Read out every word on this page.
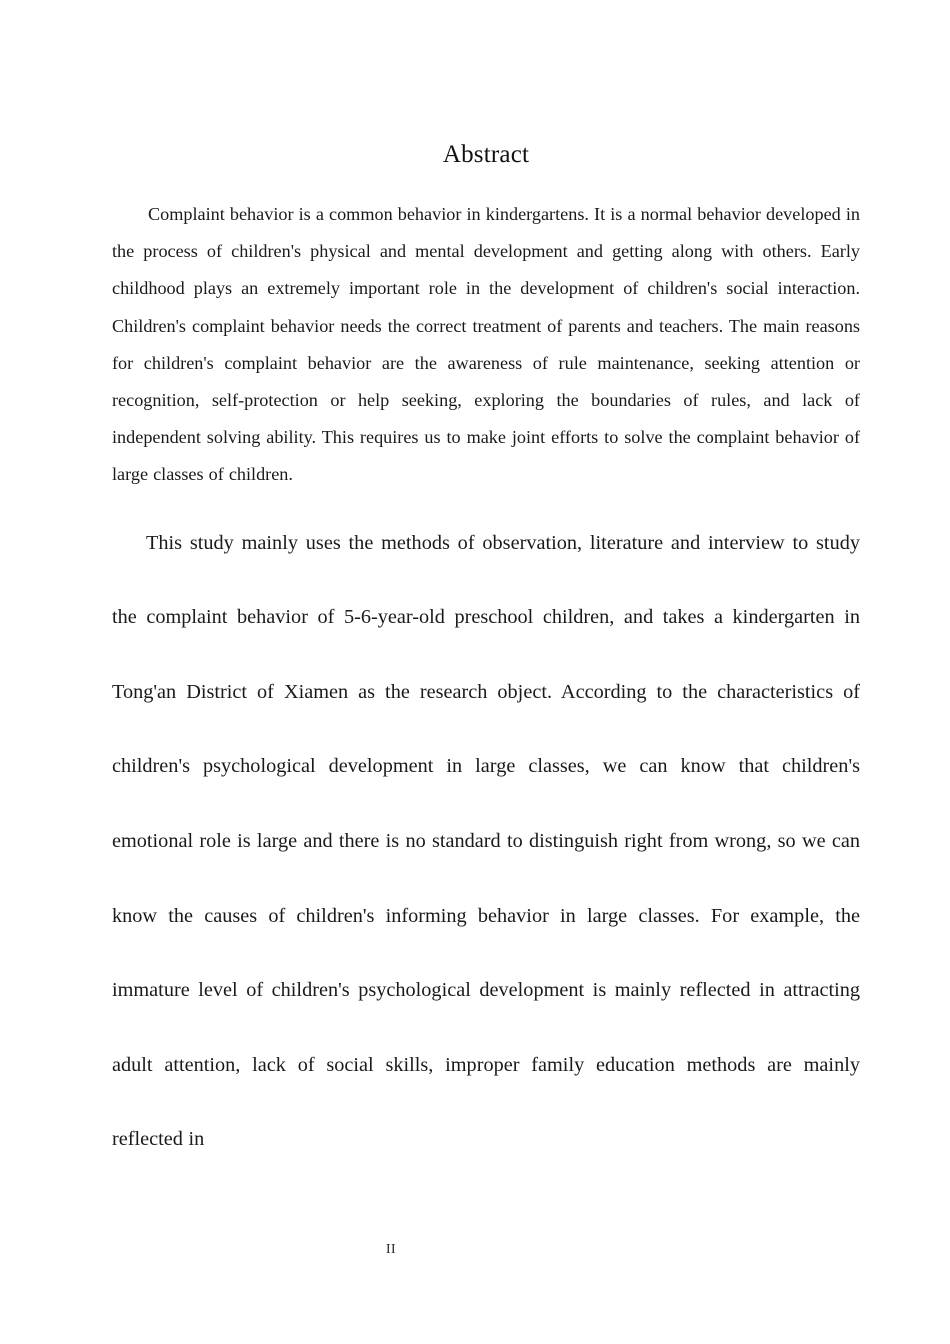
Abstract

Complaint behavior is a common behavior in kindergartens. It is a normal behavior developed in the process of children's physical and mental development and getting along with others. Early childhood plays an extremely important role in the development of children's social interaction. Children's complaint behavior needs the correct treatment of parents and teachers. The main reasons for children's complaint behavior are the awareness of rule maintenance, seeking attention or recognition, self-protection or help seeking, exploring the boundaries of rules, and lack of independent solving ability. This requires us to make joint efforts to solve the complaint behavior of large classes of children.

This study mainly uses the methods of observation, literature and interview to study the complaint behavior of 5-6-year-old preschool children, and takes a kindergarten in Tong'an District of Xiamen as the research object. According to the characteristics of children's psychological development in large classes, we can know that children's emotional role is large and there is no standard to distinguish right from wrong, so we can know the causes of children's informing behavior in large classes. For example, the immature level of children's psychological development is mainly reflected in attracting adult attention, lack of social skills, improper family education methods are mainly reflected in

II
